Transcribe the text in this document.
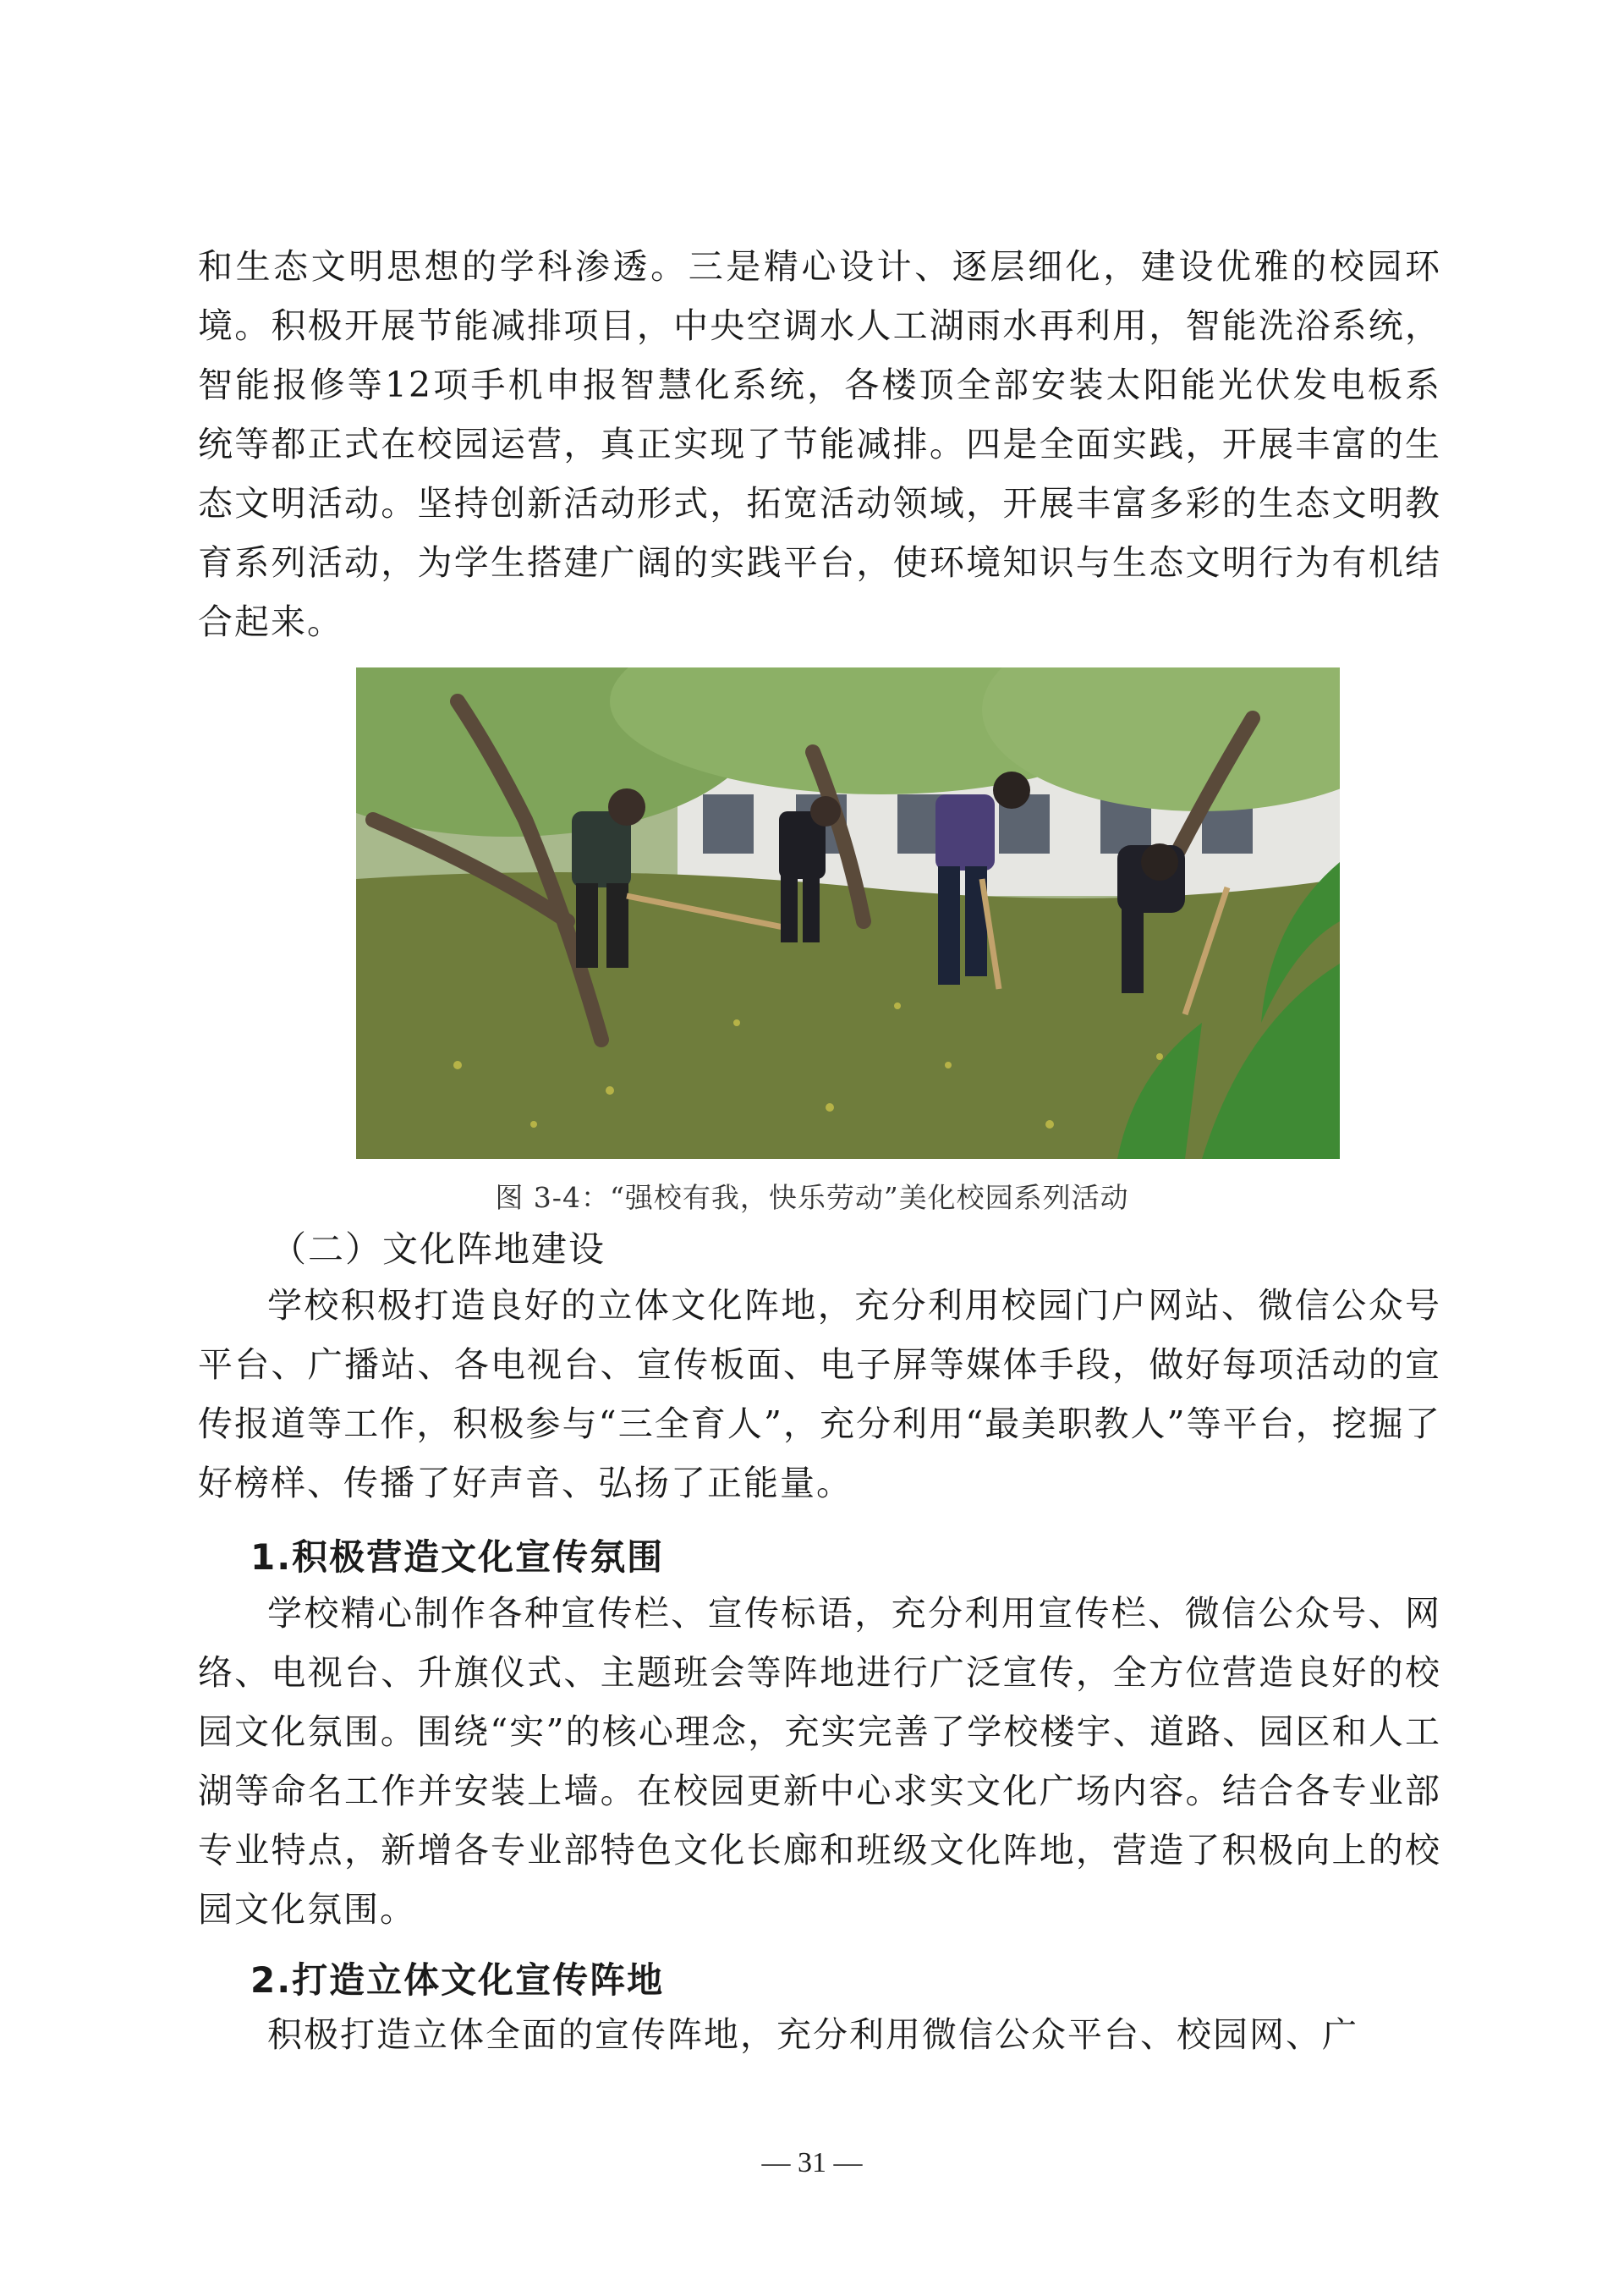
和生态文明思想的学科渗透。三是精心设计、逐层细化，建设优雅的校园环境。积极开展节能减排项目，中央空调水人工湖雨水再利用，智能洗浴系统，智能报修等12项手机申报智慧化系统，各楼顶全部安装太阳能光伏发电板系统等都正式在校园运营，真正实现了节能减排。四是全面实践，开展丰富的生态文明活动。坚持创新活动形式，拓宽活动领域，开展丰富多彩的生态文明教育系列活动，为学生搭建广阔的实践平台，使环境知识与生态文明行为有机结合起来。

图 3-4：“强校有我，快乐劳动”美化校园系列活动

（二）文化阵地建设

学校积极打造良好的立体文化阵地，充分利用校园门户网站、微信公众号平台、广播站、各电视台、宣传板面、电子屏等媒体手段，做好每项活动的宣传报道等工作，积极参与“三全育人”，充分利用“最美职教人”等平台，挖掘了好榜样、传播了好声音、弘扬了正能量。

1.积极营造文化宣传氛围

学校精心制作各种宣传栏、宣传标语，充分利用宣传栏、微信公众号、网络、电视台、升旗仪式、主题班会等阵地进行广泛宣传，全方位营造良好的校园文化氛围。围绕“实”的核心理念，充实完善了学校楼宇、道路、园区和人工湖等命名工作并安装上墙。在校园更新中心求实文化广场内容。结合各专业部专业特点，新增各专业部特色文化长廊和班级文化阵地，营造了积极向上的校园文化氛围。

2.打造立体文化宣传阵地

积极打造立体全面的宣传阵地，充分利用微信公众平台、校园网、广

— 31 —
